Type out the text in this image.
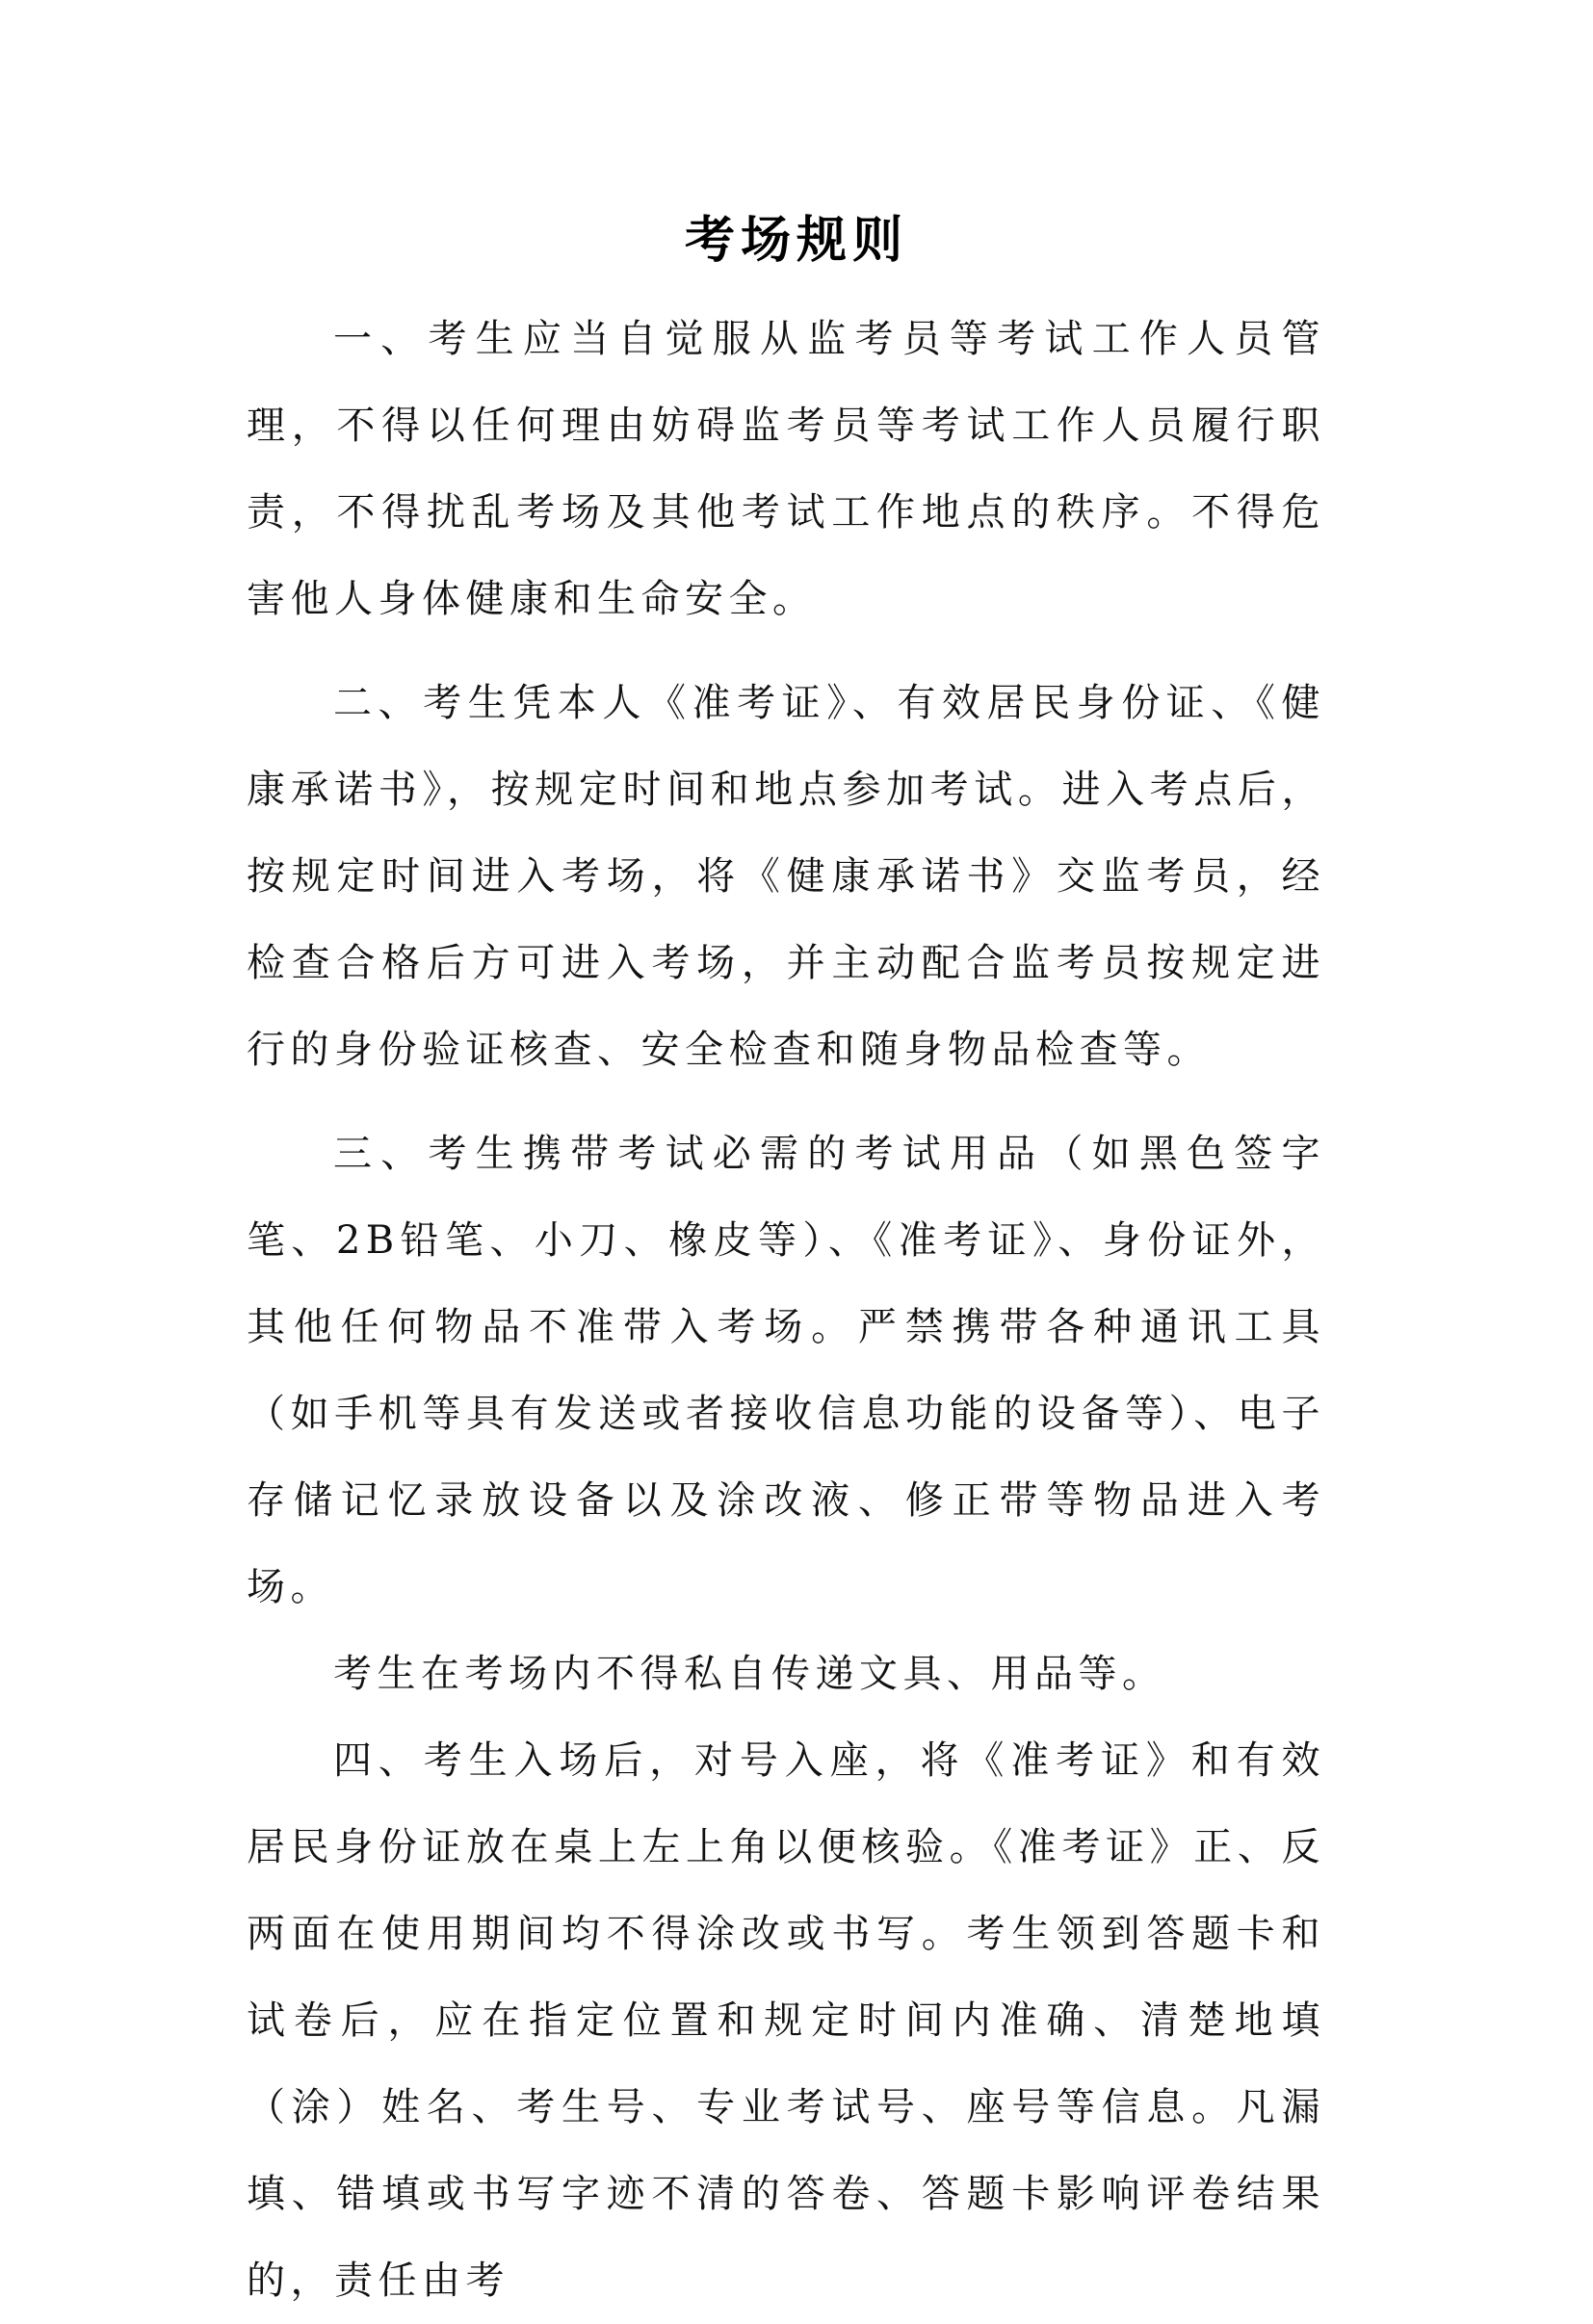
考场规则

一、考生应当自觉服从监考员等考试工作人员管理，不得以任何理由妨碍监考员等考试工作人员履行职责，不得扰乱考场及其他考试工作地点的秩序。不得危害他人身体健康和生命安全。

二、考生凭本人《准考证》、有效居民身份证、《健康承诺书》，按规定时间和地点参加考试。进入考点后，按规定时间进入考场，将《健康承诺书》交监考员，经检查合格后方可进入考场，并主动配合监考员按规定进行的身份验证核查、安全检查和随身物品检查等。

三、考生携带考试必需的考试用品（如黑色签字笔、2B铅笔、小刀、橡皮等）、《准考证》、身份证外，其他任何物品不准带入考场。严禁携带各种通讯工具（如手机等具有发送或者接收信息功能的设备等）、电子存储记忆录放设备以及涂改液、修正带等物品进入考场。

考生在考场内不得私自传递文具、用品等。

四、考生入场后，对号入座，将《准考证》和有效居民身份证放在桌上左上角以便核验。《准考证》正、反两面在使用期间均不得涂改或书写。考生领到答题卡和试卷后，应在指定位置和规定时间内准确、清楚地填（涂）姓名、考生号、专业考试号、座号等信息。凡漏填、错填或书写字迹不清的答卷、答题卡影响评卷结果的，责任由考
